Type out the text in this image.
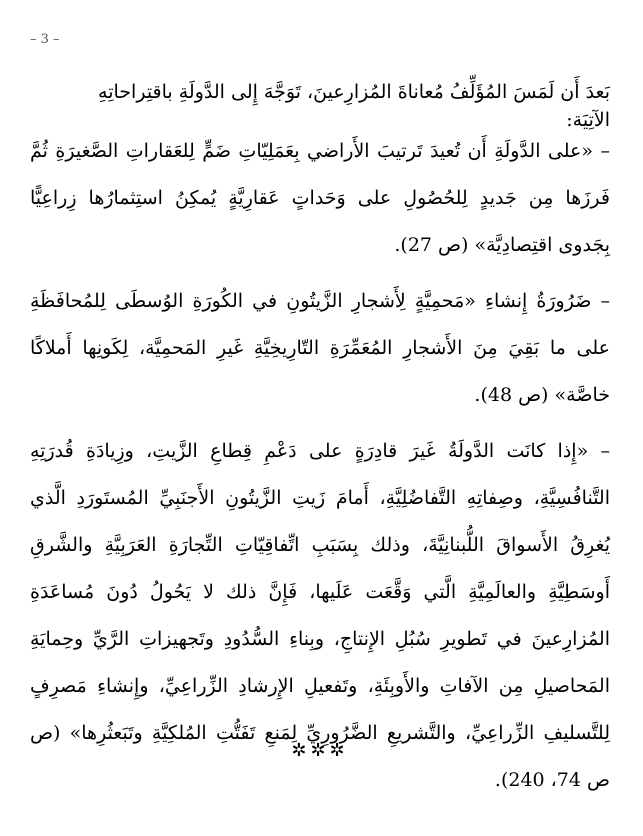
– 3 –
بَعدَ أَن لَمَسَ المُؤَلِّفُ مُعاناةَ المُزارِعينَ، تَوَجَّهَ إِلى الدَّولَةِ باقتِراحاتِهِ الآتِيَة:
– «على الدَّولَةِ أَن تُعيدَ تَرتيبَ الأَراضي بِعَمَلِيّاتِ ضَمٍّ لِلعَقاراتِ الصَّغيرَةِ ثُمَّ فَرزَها مِن جَديدٍ لِلحُصُولِ على وَحَداتٍ عَقارِيَّةٍ يُمكِنُ استِثمارُها زِراعِيًّا بِجَدوى اقتِصادِيَّة» (ص 27).
– ضَرُورَةُ إِنشاءِ «مَحمِيَّةٍ لِأَشجارِ الزَّيتُونِ في الكُورَةِ الوُسطَى لِلمُحافَظَةِ على ما بَقِيَ مِنَ الأَشجارِ المُعَمِّرَةِ التّارِيخِيَّةِ غَيرِ المَحمِيَّة، لِكَونِها أَملاكًا خاصَّة» (ص 48).
– «إِذا كانَت الدَّولَةُ غَيرَ قادِرَةٍ على دَعْمِ قِطاعِ الزَّيتِ، وزِيادَةِ قُدرَتِهِ التَّنافُسِيَّةِ، وصِفاتِهِ التَّفاضُلِيَّةِ، أَمامَ زَيتِ الزَّيتُونِ الأَجنَبِيِّ المُستَورَدِ الَّذي يُغرِقُ الأَسواقَ اللُّبنانِيَّةَ، وذلك بِسَبَبِ اتِّفاقِيّاتِ التِّجارَةِ العَرَبِيَّةِ والشَّرقِ أَوسَطِيَّةِ والعالَمِيَّةِ الَّتي وَقَّعَت عَلَيها، فَإِنَّ ذلك لا يَحُولُ دُونَ مُساعَدَةِ المُزارِعينَ في تَطويرِ سُبُلِ الإِنتاجِ، وبِناءِ السُّدُودِ وتَجهيزاتِ الرَّيِّ وحِمايَةِ المَحاصيلِ مِن الآفاتِ والأَوبِئَةِ، وتَفعيلِ الإِرشادِ الزِّراعِيِّ، وإِنشاءِ مَصرِفٍ لِلتَّسليفِ الزِّراعِيِّ، والتَّشريعِ الضَّرُورِيِّ لِمَنعِ تَفَتُّتِ المُلكِيَّةِ وتَبَعثُرِها» (ص ص 74، 240).
✲✲✲
